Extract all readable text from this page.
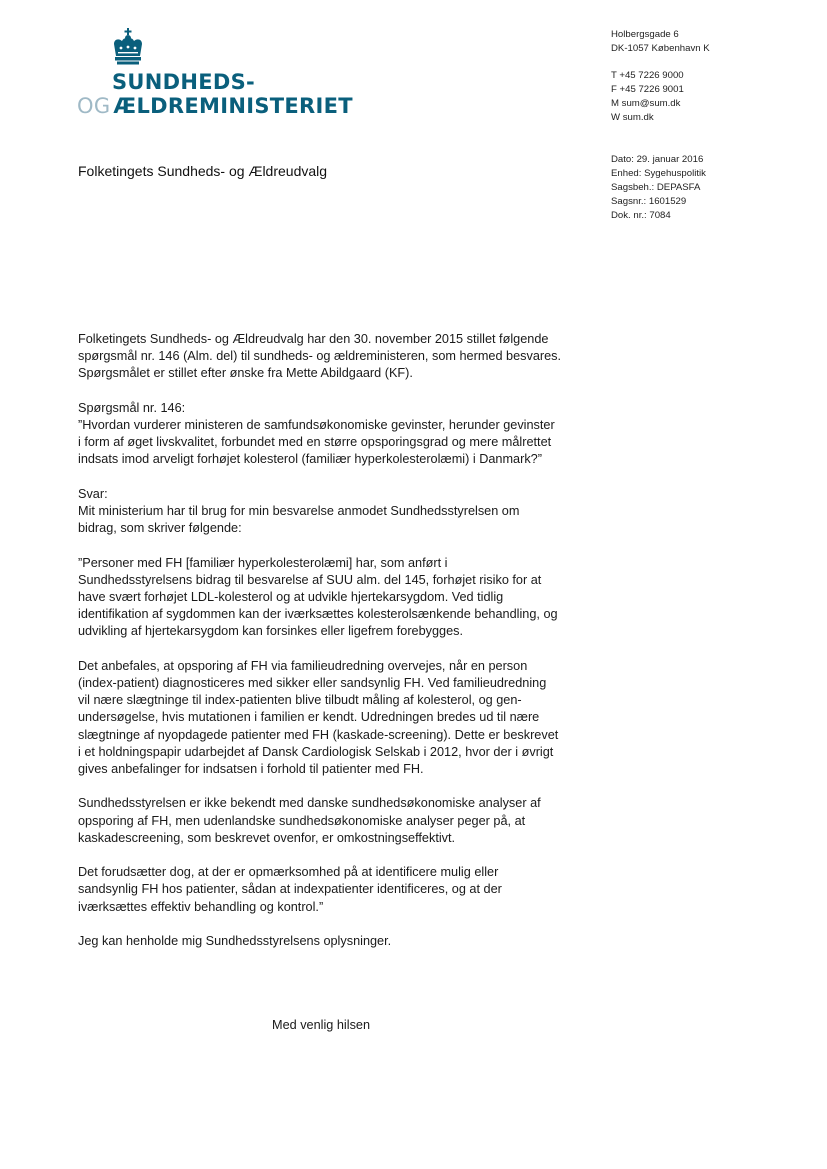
SUNDHEDS-
OG ÆLDREMINISTERIET
Holbergsgade 6
DK-1057 København K
T +45 7226 9000
F +45 7226 9001
M sum@sum.dk
W sum.dk
Dato: 29. januar 2016
Enhed: Sygehuspolitik
Sagsbeh.: DEPASFA
Sagsnr.: 1601529
Dok. nr.: 7084
Folketingets Sundheds- og Ældreudvalg
Folketingets Sundheds- og Ældreudvalg har den 30. november 2015 stillet følgende
spørgsmål nr. 146 (Alm. del) til sundheds- og ældreministeren, som hermed besvares.
Spørgsmålet er stillet efter ønske fra Mette Abildgaard (KF).
Spørgsmål nr. 146:
”Hvordan vurderer ministeren de samfundsøkonomiske gevinster, herunder gevinster
i form af øget livskvalitet, forbundet med en større opsporingsgrad og mere målrettet
indsats imod arveligt forhøjet kolesterol (familiær hyperkolesterolæmi) i Danmark?”
Svar:
Mit ministerium har til brug for min besvarelse anmodet Sundhedsstyrelsen om
bidrag, som skriver følgende:
”Personer med FH [familiær hyperkolesterolæmi] har, som anført i
Sundhedsstyrelsens bidrag til besvarelse af SUU alm. del 145, forhøjet risiko for at
have svært forhøjet LDL-kolesterol og at udvikle hjertekarsygdom. Ved tidlig
identifikation af sygdommen kan der iværksættes kolesterolsænkende behandling, og
udvikling af hjertekarsygdom kan forsinkes eller ligefrem forebygges.
Det anbefales, at opsporing af FH via familieudredning overvejes, når en person
(index-patient) diagnosticeres med sikker eller sandsynlig FH. Ved familieudredning
vil nære slægtninge til index-patienten blive tilbudt måling af kolesterol, og gen-
undersøgelse, hvis mutationen i familien er kendt. Udredningen bredes ud til nære
slægtninge af nyopdagede patienter med FH (kaskade-screening). Dette er beskrevet
i et holdningspapir udarbejdet af Dansk Cardiologisk Selskab i 2012, hvor der i øvrigt
gives anbefalinger for indsatsen i forhold til patienter med FH.
Sundhedsstyrelsen er ikke bekendt med danske sundhedsøkonomiske analyser af
opsporing af FH, men udenlandske sundhedsøkonomiske analyser peger på, at
kaskadescreening, som beskrevet ovenfor, er omkostningseffektivt.
Det forudsætter dog, at der er opmærksomhed på at identificere mulig eller
sandsynlig FH hos patienter, sådan at indexpatienter identificeres, og at der
iværksættes effektiv behandling og kontrol.”
Jeg kan henholde mig Sundhedsstyrelsens oplysninger.
Med venlig hilsen
